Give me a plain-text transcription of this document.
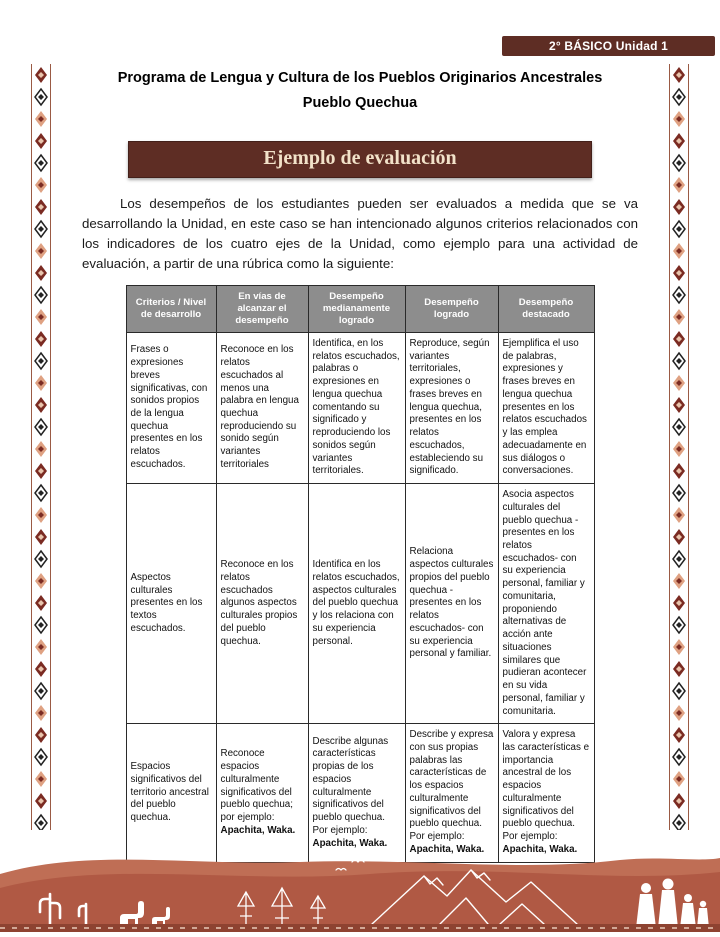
2° BÁSICO Unidad 1
Programa de Lengua y Cultura de los Pueblos Originarios Ancestrales
Pueblo Quechua
Ejemplo de evaluación

Los desempeños de los estudiantes pueden ser evaluados a medida que se va desarrollando la Unidad, en este caso se han intencionado algunos criterios relacionados con los indicadores de los cuatro ejes de la Unidad, como ejemplo para una actividad de evaluación, a partir de una rúbrica como la siguiente:

Criterios / Nivel de desarrollo	En vías de alcanzar el desempeño	Desempeño medianamente logrado	Desempeño logrado	Desempeño destacado
Frases o expresiones breves significativas, con sonidos propios de la lengua quechua presentes en los relatos escuchados.	Reconoce en los relatos escuchados al menos una palabra en lengua quechua reproduciendo su sonido según variantes territoriales	Identifica, en los relatos escuchados, palabras o expresiones en lengua quechua comentando su significado y reproduciendo los sonidos según variantes territoriales.	Reproduce, según variantes territoriales, expresiones o frases breves en lengua quechua, presentes en los relatos escuchados, estableciendo su significado.	Ejemplifica el uso de palabras, expresiones y frases breves en lengua quechua presentes en los relatos escuchados y las emplea adecuadamente en sus diálogos o conversaciones.
Aspectos culturales presentes en los textos escuchados.	Reconoce en los relatos escuchados algunos aspectos culturales propios del pueblo quechua.	Identifica en los relatos escuchados, aspectos culturales del pueblo quechua y los relaciona con su experiencia personal.	Relaciona aspectos culturales propios del pueblo quechua -presentes en los relatos escuchados- con su experiencia personal y familiar.	Asocia aspectos culturales del pueblo quechua -presentes en los relatos escuchados- con su experiencia personal, familiar y comunitaria, proponiendo alternativas de acción ante situaciones similares que pudieran acontecer en su vida personal, familiar y comunitaria.
Espacios significativos del territorio ancestral del pueblo quechua.	Reconoce espacios culturalmente significativos del pueblo quechua; por ejemplo: Apachita, Waka.	Describe algunas características propias de los espacios culturalmente significativos del pueblo quechua. Por ejemplo: Apachita, Waka.	Describe y expresa con sus propias palabras las características de los espacios culturalmente significativos del pueblo quechua. Por ejemplo: Apachita, Waka.	Valora y expresa las características e importancia ancestral de los espacios culturalmente significativos del pueblo quechua. Por ejemplo: Apachita, Waka.
